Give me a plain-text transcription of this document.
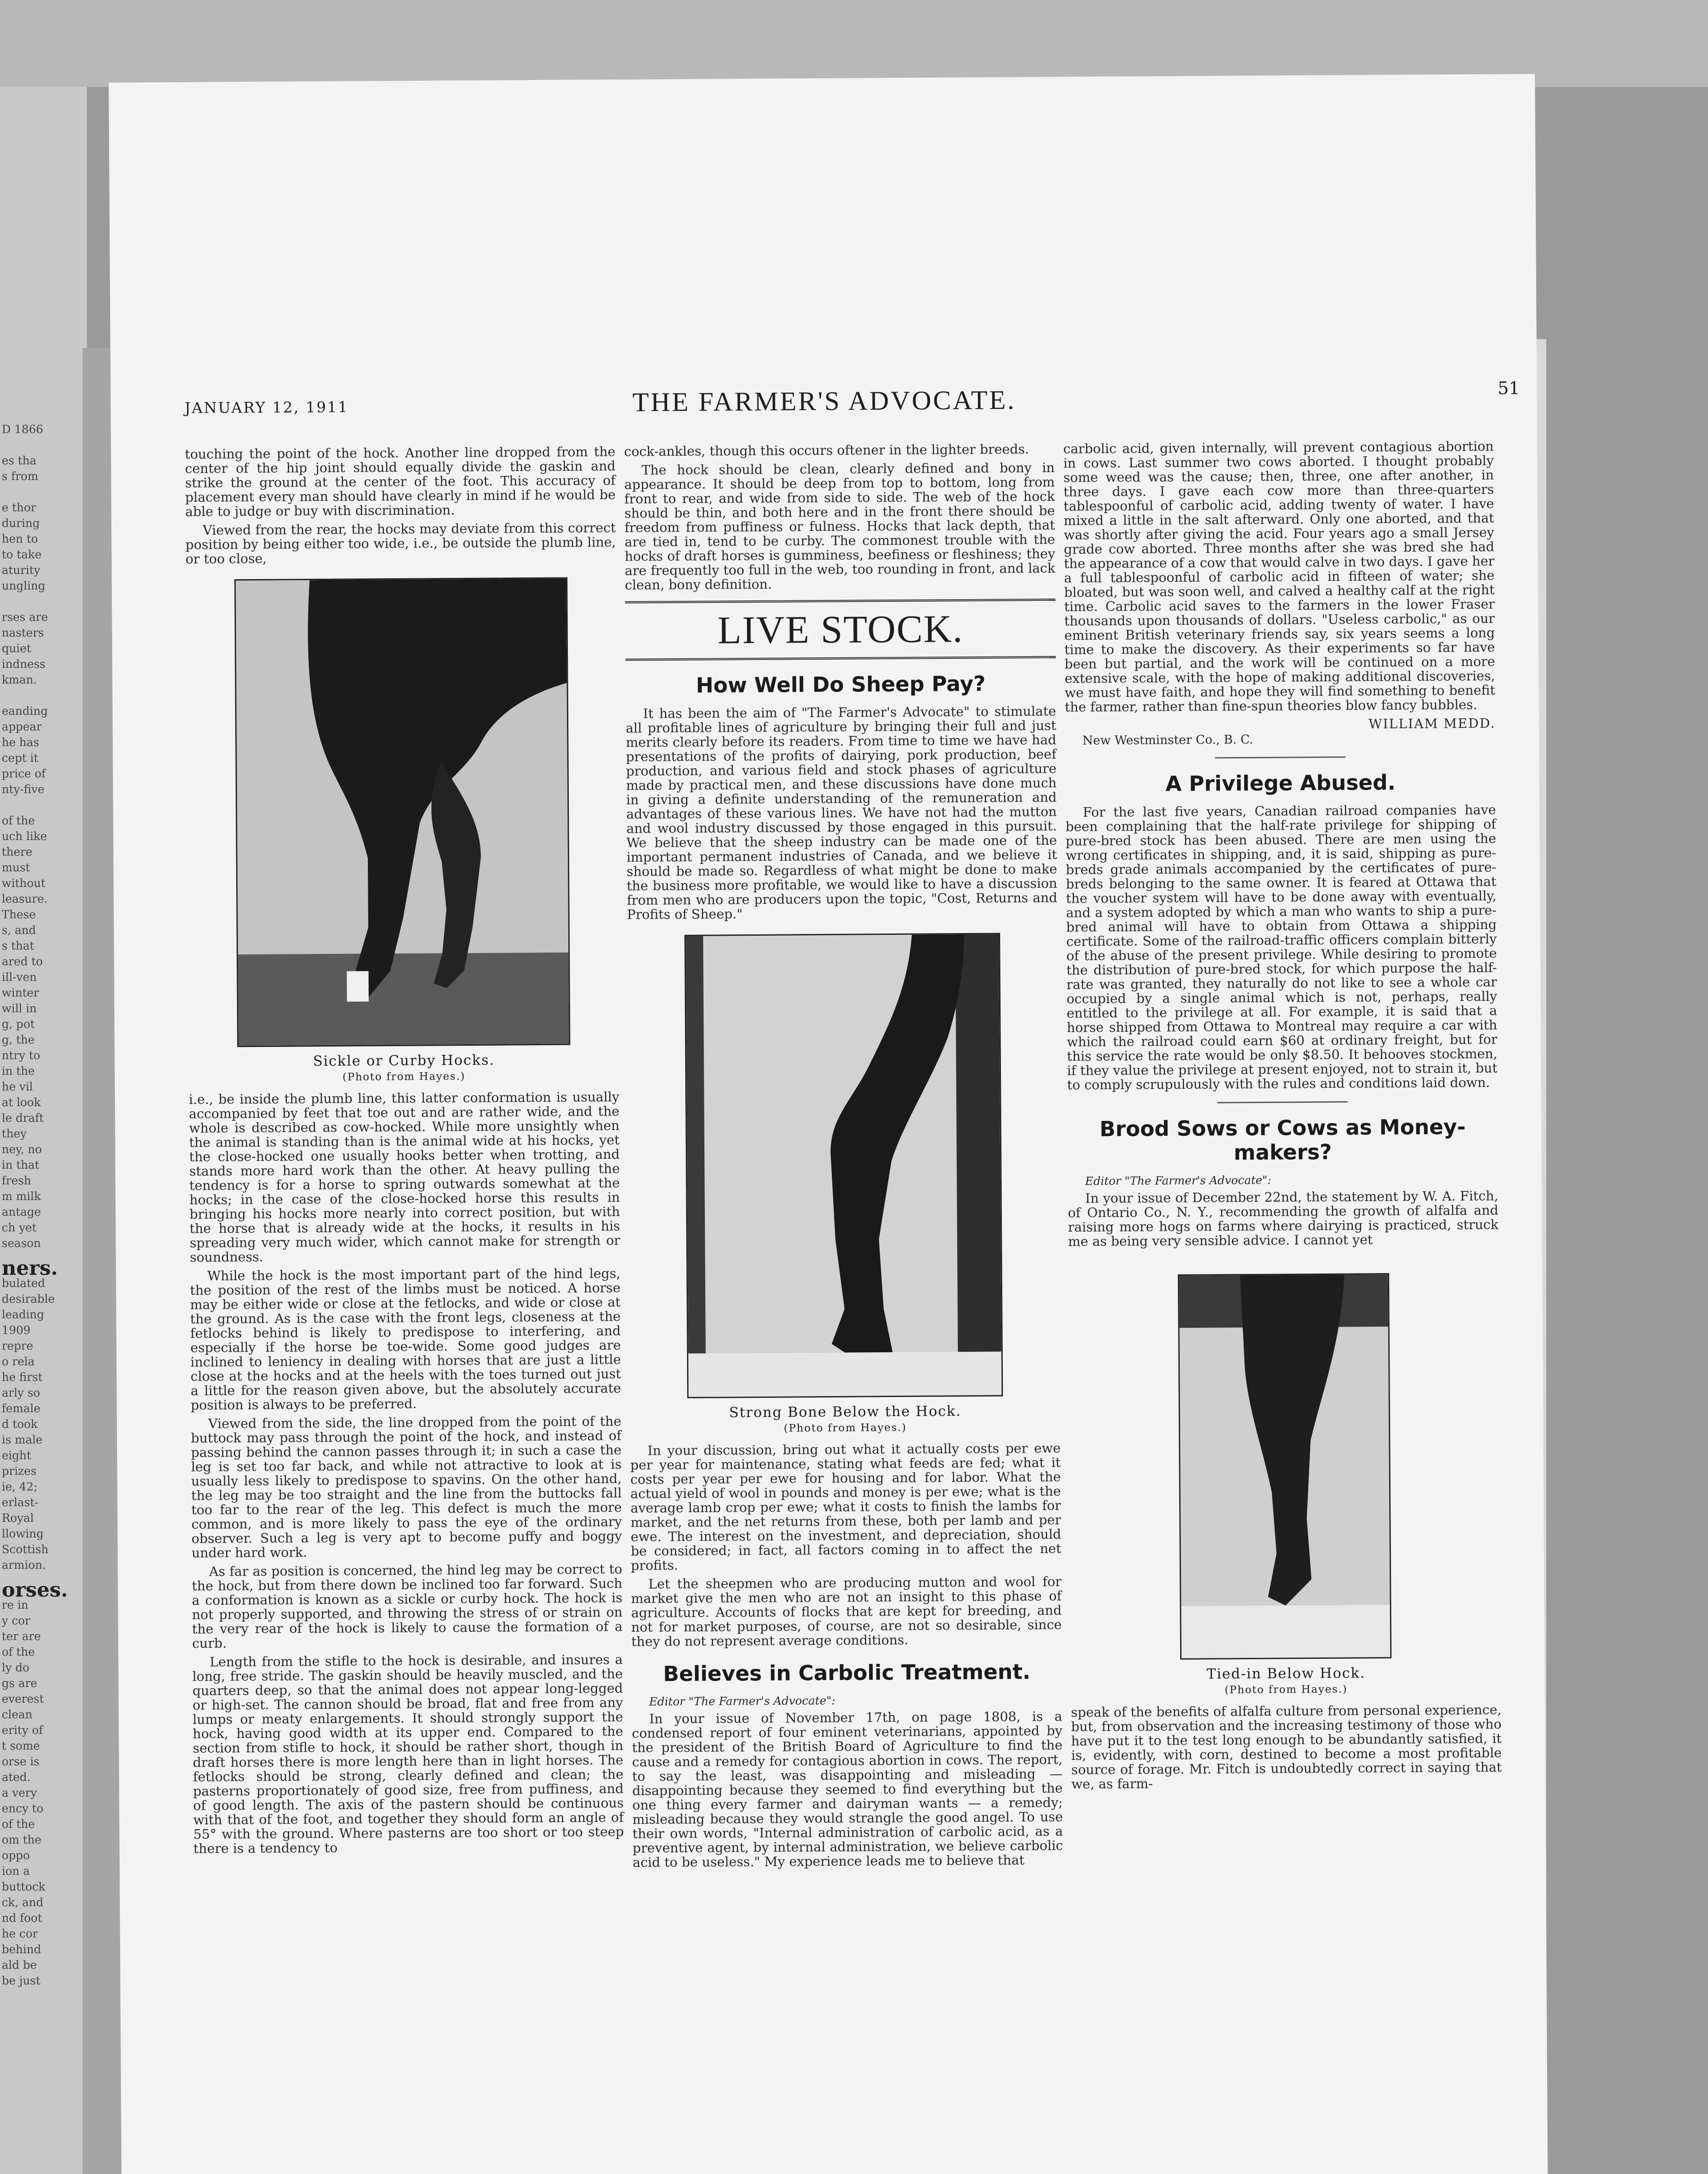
D 1866

es tha
s from

e thor
during
hen to
to take
aturity
ungling

rses are
nasters
quiet
indness
kman.

eanding
appear
he has
cept it
price of
nty-five

of the
uch like
there
must
without
leasure.
These
s, and
s that
ared to
ill-ven
winter
will in
g, pot
g, the
ntry to
in the
he vil
at look
le draft
they
ney, no
in that
fresh
m milk
antage
ch yet
season
ners.
bulated
desirable
leading
1909
repre
o rela
he first
arly so
female
d took
is male
eight
prizes
ie, 42;
erlast-
Royal
llowing
Scottish
armion.
orses.
re in
y cor
ter are
of the
ly do
gs are
everest
clean
erity of
t some
orse is
ated.
a very
ency to
of the
om the
oppo
ion a
buttock
ck, and
nd foot
he cor
behind
ald be
be just
JANUARY 12, 1911	THE FARMER'S ADVOCATE.	51

touching the point of the hock. Another line dropped from the center of the hip joint should equally divide the gaskin and strike the ground at the center of the foot. This accuracy of placement every man should have clearly in mind if he would be able to judge or buy with discrimination.

Viewed from the rear, the hocks may deviate from this correct position by being either too wide, i.e., be outside the plumb line, or too close,

Sickle or Curby Hocks.
(Photo from Hayes.)

i.e., be inside the plumb line, this latter conformation is usually accompanied by feet that toe out and are rather wide, and the whole is described as cow-hocked. While more unsightly when the animal is standing than is the animal wide at his hocks, yet the close-hocked one usually hooks better when trotting, and stands more hard work than the other. At heavy pulling the tendency is for a horse to spring outwards somewhat at the hocks; in the case of the close-hocked horse this results in bringing his hocks more nearly into correct position, but with the horse that is already wide at the hocks, it results in his spreading very much wider, which cannot make for strength or soundness.

While the hock is the most important part of the hind legs, the position of the rest of the limbs must be noticed. A horse may be either wide or close at the fetlocks, and wide or close at the ground. As is the case with the front legs, closeness at the fetlocks behind is likely to predispose to interfering, and especially if the horse be toe-wide. Some good judges are inclined to leniency in dealing with horses that are just a little close at the hocks and at the heels with the toes turned out just a little for the reason given above, but the absolutely accurate position is always to be preferred.

Viewed from the side, the line dropped from the point of the buttock may pass through the point of the hock, and instead of passing behind the cannon passes through it; in such a case the leg is set too far back, and while not attractive to look at is usually less likely to predispose to spavins. On the other hand, the leg may be too straight and the line from the buttocks fall too far to the rear of the leg. This defect is much the more common, and is more likely to pass the eye of the ordinary observer. Such a leg is very apt to become puffy and boggy under hard work.

As far as position is concerned, the hind leg may be correct to the hock, but from there down be inclined too far forward. Such a conformation is known as a sickle or curby hock. The hock is not properly supported, and throwing the stress of or strain on the very rear of the hock is likely to cause the formation of a curb.

Length from the stifle to the hock is desirable, and insures a long, free stride. The gaskin should be heavily muscled, and the quarters deep, so that the animal does not appear long-legged or high-set. The cannon should be broad, flat and free from any lumps or meaty enlargements. It should strongly support the hock, having good width at its upper end. Compared to the section from stifle to hock, it should be rather short, though in draft horses there is more length here than in light horses. The fetlocks should be strong, clearly defined and clean; the pasterns proportionately of good size, free from puffiness, and of good length. The axis of the pastern should be continuous with that of the foot, and together they should form an angle of 55° with the ground. Where pasterns are too short or too steep there is a tendency to

cock-ankles, though this occurs oftener in the lighter breeds.

The hock should be clean, clearly defined and bony in appearance. It should be deep from top to bottom, long from front to rear, and wide from side to side. The web of the hock should be thin, and both here and in the front there should be freedom from puffiness or fulness. Hocks that lack depth, that are tied in, tend to be curby. The commonest trouble with the hocks of draft horses is gumminess, beefiness or fleshiness; they are frequently too full in the web, too rounding in front, and lack clean, bony definition.

LIVE STOCK.
How Well Do Sheep Pay?

It has been the aim of "The Farmer's Advocate" to stimulate all profitable lines of agriculture by bringing their full and just merits clearly before its readers. From time to time we have had presentations of the profits of dairying, pork production, beef production, and various field and stock phases of agriculture made by practical men, and these discussions have done much in giving a definite understanding of the remuneration and advantages of these various lines. We have not had the mutton and wool industry discussed by those engaged in this pursuit. We believe that the sheep industry can be made one of the important permanent industries of Canada, and we believe it should be made so. Regardless of what might be done to make the business more profitable, we would like to have a discussion from men who are producers upon the topic, "Cost, Returns and Profits of Sheep."

Strong Bone Below the Hock.
(Photo from Hayes.)

In your discussion, bring out what it actually costs per ewe per year for maintenance, stating what feeds are fed; what it costs per year per ewe for housing and for labor. What the actual yield of wool in pounds and money is per ewe; what is the average lamb crop per ewe; what it costs to finish the lambs for market, and the net returns from these, both per lamb and per ewe. The interest on the investment, and depreciation, should be considered; in fact, all factors coming in to affect the net profits.

Let the sheepmen who are producing mutton and wool for market give the men who are not an insight to this phase of agriculture. Accounts of flocks that are kept for breeding, and not for market purposes, of course, are not so desirable, since they do not represent average conditions.

Believes in Carbolic Treatment.

Editor "The Farmer's Advocate":

In your issue of November 17th, on page 1808, is a condensed report of four eminent veterinarians, appointed by the president of the British Board of Agriculture to find the cause and a remedy for contagious abortion in cows. The report, to say the least, was disappointing and misleading — disappointing because they seemed to find everything but the one thing every farmer and dairyman wants — a remedy; misleading because they would strangle the good angel. To use their own words, "Internal administration of carbolic acid, as a preventive agent, by internal administration, we believe carbolic acid to be useless." My experience leads me to believe that

carbolic acid, given internally, will prevent contagious abortion in cows. Last summer two cows aborted. I thought probably some weed was the cause; then, three, one after another, in three days. I gave each cow more than three-quarters tablespoonful of carbolic acid, adding twenty of water. I have mixed a little in the salt afterward. Only one aborted, and that was shortly after giving the acid. Four years ago a small Jersey grade cow aborted. Three months after she was bred she had the appearance of a cow that would calve in two days. I gave her a full tablespoonful of carbolic acid in fifteen of water; she bloated, but was soon well, and calved a healthy calf at the right time. Carbolic acid saves to the farmers in the lower Fraser thousands upon thousands of dollars. "Useless carbolic," as our eminent British veterinary friends say, six years seems a long time to make the discovery. As their experiments so far have been but partial, and the work will be continued on a more extensive scale, with the hope of making additional discoveries, we must have faith, and hope they will find something to benefit the farmer, rather than fine-spun theories blow fancy bubbles.

WILLIAM MEDD.

New Westminster Co., B. C.

A Privilege Abused.

For the last five years, Canadian railroad companies have been complaining that the half-rate privilege for shipping of pure-bred stock has been abused. There are men using the wrong certificates in shipping, and, it is said, shipping as pure-breds grade animals accompanied by the certificates of pure-breds belonging to the same owner. It is feared at Ottawa that the voucher system will have to be done away with eventually, and a system adopted by which a man who wants to ship a pure-bred animal will have to obtain from Ottawa a shipping certificate. Some of the railroad-traffic officers complain bitterly of the abuse of the present privilege. While desiring to promote the distribution of pure-bred stock, for which purpose the half-rate was granted, they naturally do not like to see a whole car occupied by a single animal which is not, perhaps, really entitled to the privilege at all. For example, it is said that a horse shipped from Ottawa to Montreal may require a car with which the railroad could earn $60 at ordinary freight, but for this service the rate would be only $8.50. It behooves stockmen, if they value the privilege at present enjoyed, not to strain it, but to comply scrupulously with the rules and conditions laid down.

Brood Sows or Cows as Money-makers?

Editor "The Farmer's Advocate":

In your issue of December 22nd, the statement by W. A. Fitch, of Ontario Co., N. Y., recommending the growth of alfalfa and raising more hogs on farms where dairying is practiced, struck me as being very sensible advice. I cannot yet

Tied-in Below Hock.
(Photo from Hayes.)

speak of the benefits of alfalfa culture from personal experience, but, from observation and the increasing testimony of those who have put it to the test long enough to be abundantly satisfied, it is, evidently, with corn, destined to become a most profitable source of forage. Mr. Fitch is undoubtedly correct in saying that we, as farm-
